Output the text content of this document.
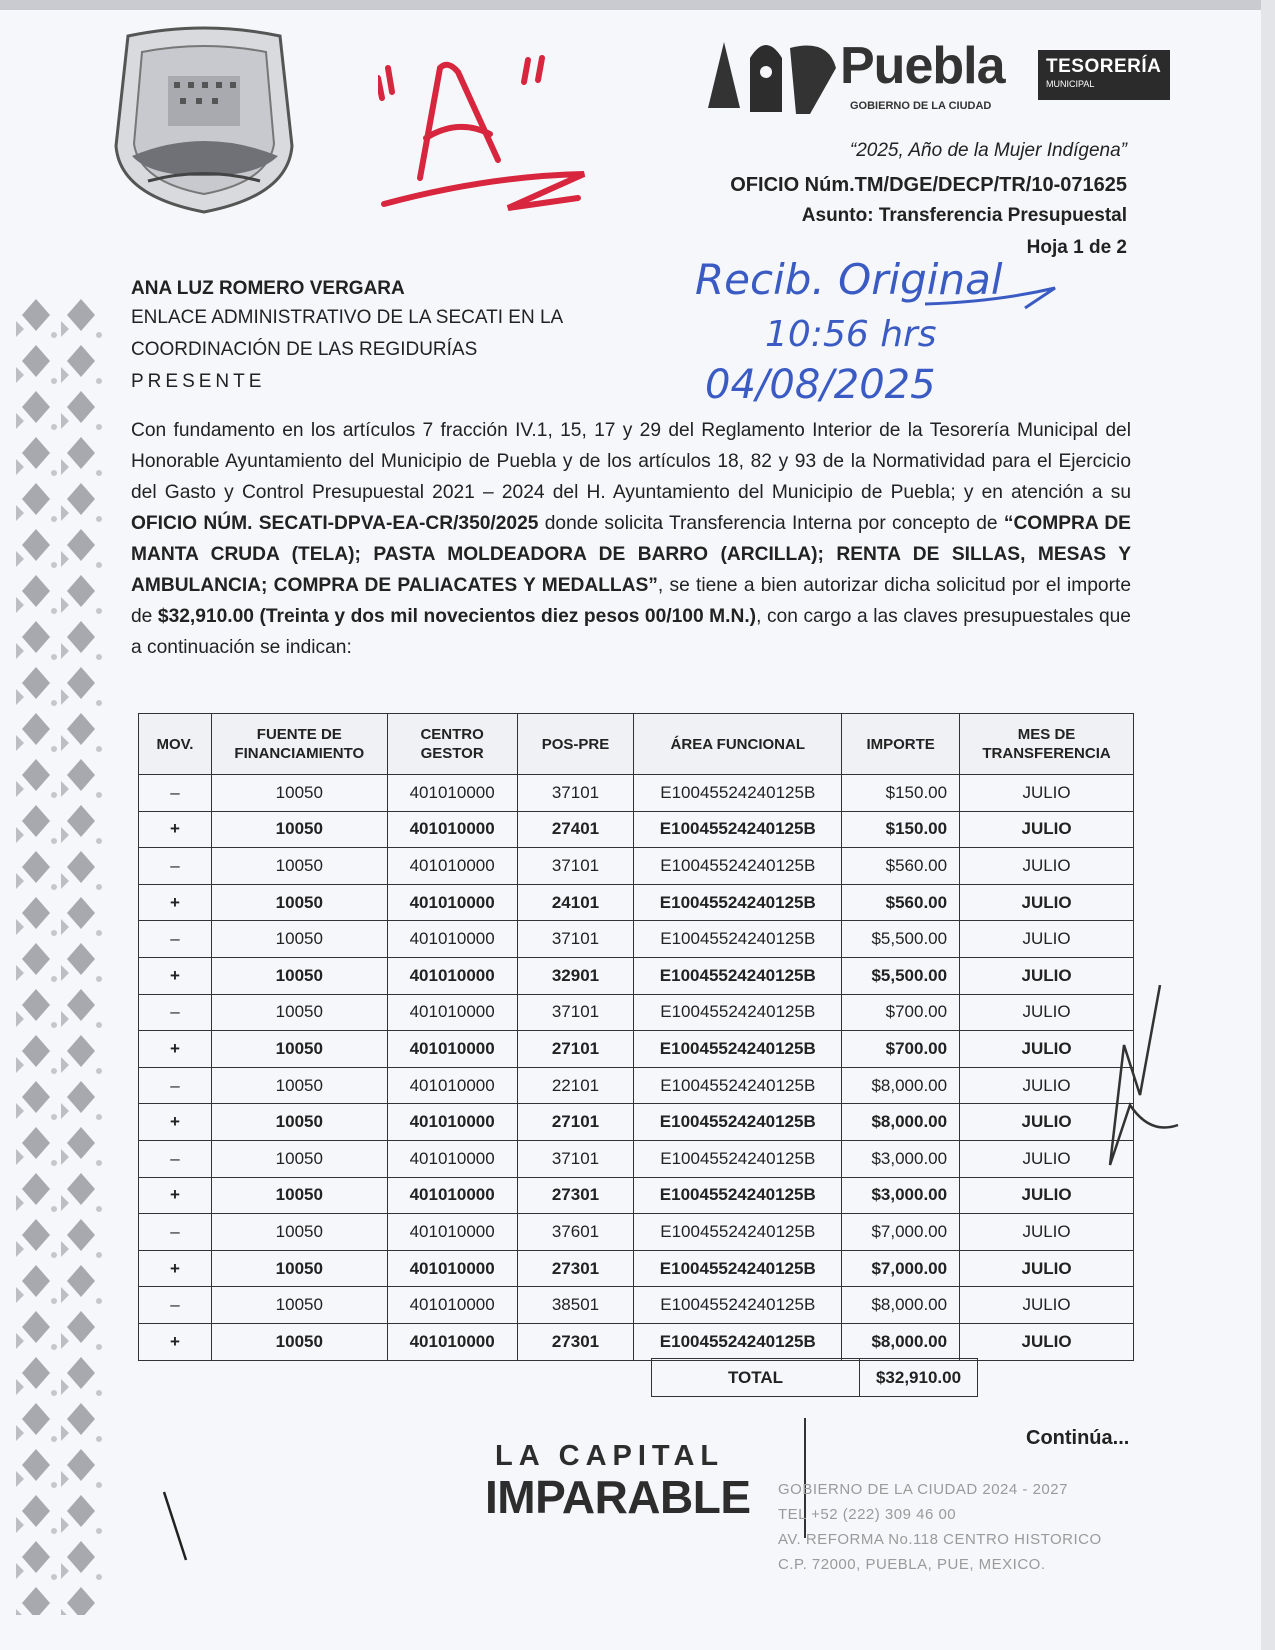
Puebla
GOBIERNO DE LA CIUDAD
TESORERÍA
MUNICIPAL
“2025, Año de la Mujer Indígena”
OFICIO Núm.TM/DGE/DECP/TR/10-071625
Asunto: Transferencia Presupuestal
Hoja 1 de 2
Recib. Original
10:56 hrs
04/08/2025
ANA LUZ ROMERO VERGARA
ENLACE ADMINISTRATIVO DE LA SECATI EN LA
COORDINACIÓN DE LAS REGIDURÍAS
PRESENTE
Con fundamento en los artículos 7 fracción IV.1, 15, 17 y 29 del Reglamento Interior de la Tesorería Municipal del Honorable Ayuntamiento del Municipio de Puebla y de los artículos 18, 82 y 93 de la Normatividad para el Ejercicio del Gasto y Control Presupuestal 2021 – 2024 del H. Ayuntamiento del Municipio de Puebla; y en atención a su OFICIO NÚM. SECATI-DPVA-EA-CR/350/2025 donde solicita Transferencia Interna por concepto de “COMPRA DE MANTA CRUDA (TELA); PASTA MOLDEADORA DE BARRO (ARCILLA); RENTA DE SILLAS, MESAS Y AMBULANCIA; COMPRA DE PALIACATES Y MEDALLAS”, se tiene a bien autorizar dicha solicitud por el importe de $32,910.00 (Treinta y dos mil novecientos diez pesos 00/100 M.N.), con cargo a las claves presupuestales que a continuación se indican:
MOV.	FUENTE DE FINANCIAMIENTO	CENTRO GESTOR	POS-PRE	ÁREA FUNCIONAL	IMPORTE	MES DE TRANSFERENCIA
–	10050	401010000	37101	E10045524240125B	$150.00	JULIO
+	10050	401010000	27401	E10045524240125B	$150.00	JULIO
–	10050	401010000	37101	E10045524240125B	$560.00	JULIO
+	10050	401010000	24101	E10045524240125B	$560.00	JULIO
–	10050	401010000	37101	E10045524240125B	$5,500.00	JULIO
+	10050	401010000	32901	E10045524240125B	$5,500.00	JULIO
–	10050	401010000	37101	E10045524240125B	$700.00	JULIO
+	10050	401010000	27101	E10045524240125B	$700.00	JULIO
–	10050	401010000	22101	E10045524240125B	$8,000.00	JULIO
+	10050	401010000	27101	E10045524240125B	$8,000.00	JULIO
–	10050	401010000	37101	E10045524240125B	$3,000.00	JULIO
+	10050	401010000	27301	E10045524240125B	$3,000.00	JULIO
–	10050	401010000	37601	E10045524240125B	$7,000.00	JULIO
+	10050	401010000	27301	E10045524240125B	$7,000.00	JULIO
–	10050	401010000	38501	E10045524240125B	$8,000.00	JULIO
+	10050	401010000	27301	E10045524240125B	$8,000.00	JULIO
TOTAL	$32,910.00
Continúa...
LA CAPITAL
IMPARABLE GOBIERNO DE LA CIUDAD 2024 - 2027
TEL +52 (222) 309 46 00
AV. REFORMA No.118 CENTRO HISTORICO
C.P. 72000, PUEBLA, PUE, MEXICO.
